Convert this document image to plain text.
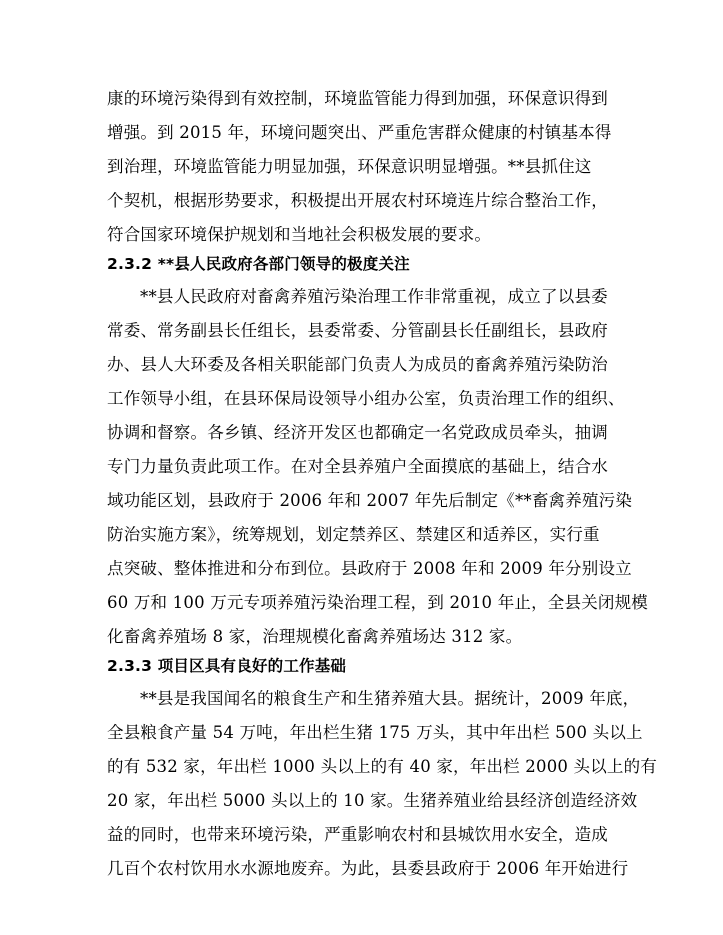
康的环境污染得到有效控制，环境监管能力得到加强，环保意识得到
增强。到 2015 年，环境问题突出、严重危害群众健康的村镇基本得
到治理，环境监管能力明显加强，环保意识明显增强。**县抓住这
个契机，根据形势要求，积极提出开展农村环境连片综合整治工作，
符合国家环境保护规划和当地社会积极发展的要求。
2.3.2 **县人民政府各部门领导的极度关注
**县人民政府对畜禽养殖污染治理工作非常重视，成立了以县委
常委、常务副县长任组长，县委常委、分管副县长任副组长，县政府
办、县人大环委及各相关职能部门负责人为成员的畜禽养殖污染防治
工作领导小组，在县环保局设领导小组办公室，负责治理工作的组织、
协调和督察。各乡镇、经济开发区也都确定一名党政成员牵头，抽调
专门力量负责此项工作。在对全县养殖户全面摸底的基础上，结合水
域功能区划，县政府于 2006 年和 2007 年先后制定《**畜禽养殖污染
防治实施方案》，统筹规划，划定禁养区、禁建区和适养区，实行重
点突破、整体推进和分布到位。县政府于 2008 年和 2009 年分别设立
60 万和 100 万元专项养殖污染治理工程，到 2010 年止，全县关闭规模
化畜禽养殖场 8 家，治理规模化畜禽养殖场达 312 家。
2.3.3 项目区具有良好的工作基础
**县是我国闻名的粮食生产和生猪养殖大县。据统计，2009 年底，
全县粮食产量 54 万吨，年出栏生猪 175 万头，其中年出栏 500 头以上
的有 532 家，年出栏 1000 头以上的有 40 家，年出栏 2000 头以上的有
20 家，年出栏 5000 头以上的 10 家。生猪养殖业给县经济创造经济效
益的同时，也带来环境污染，严重影响农村和县城饮用水安全，造成
几百个农村饮用水水源地废弃。为此，县委县政府于 2006 年开始进行
